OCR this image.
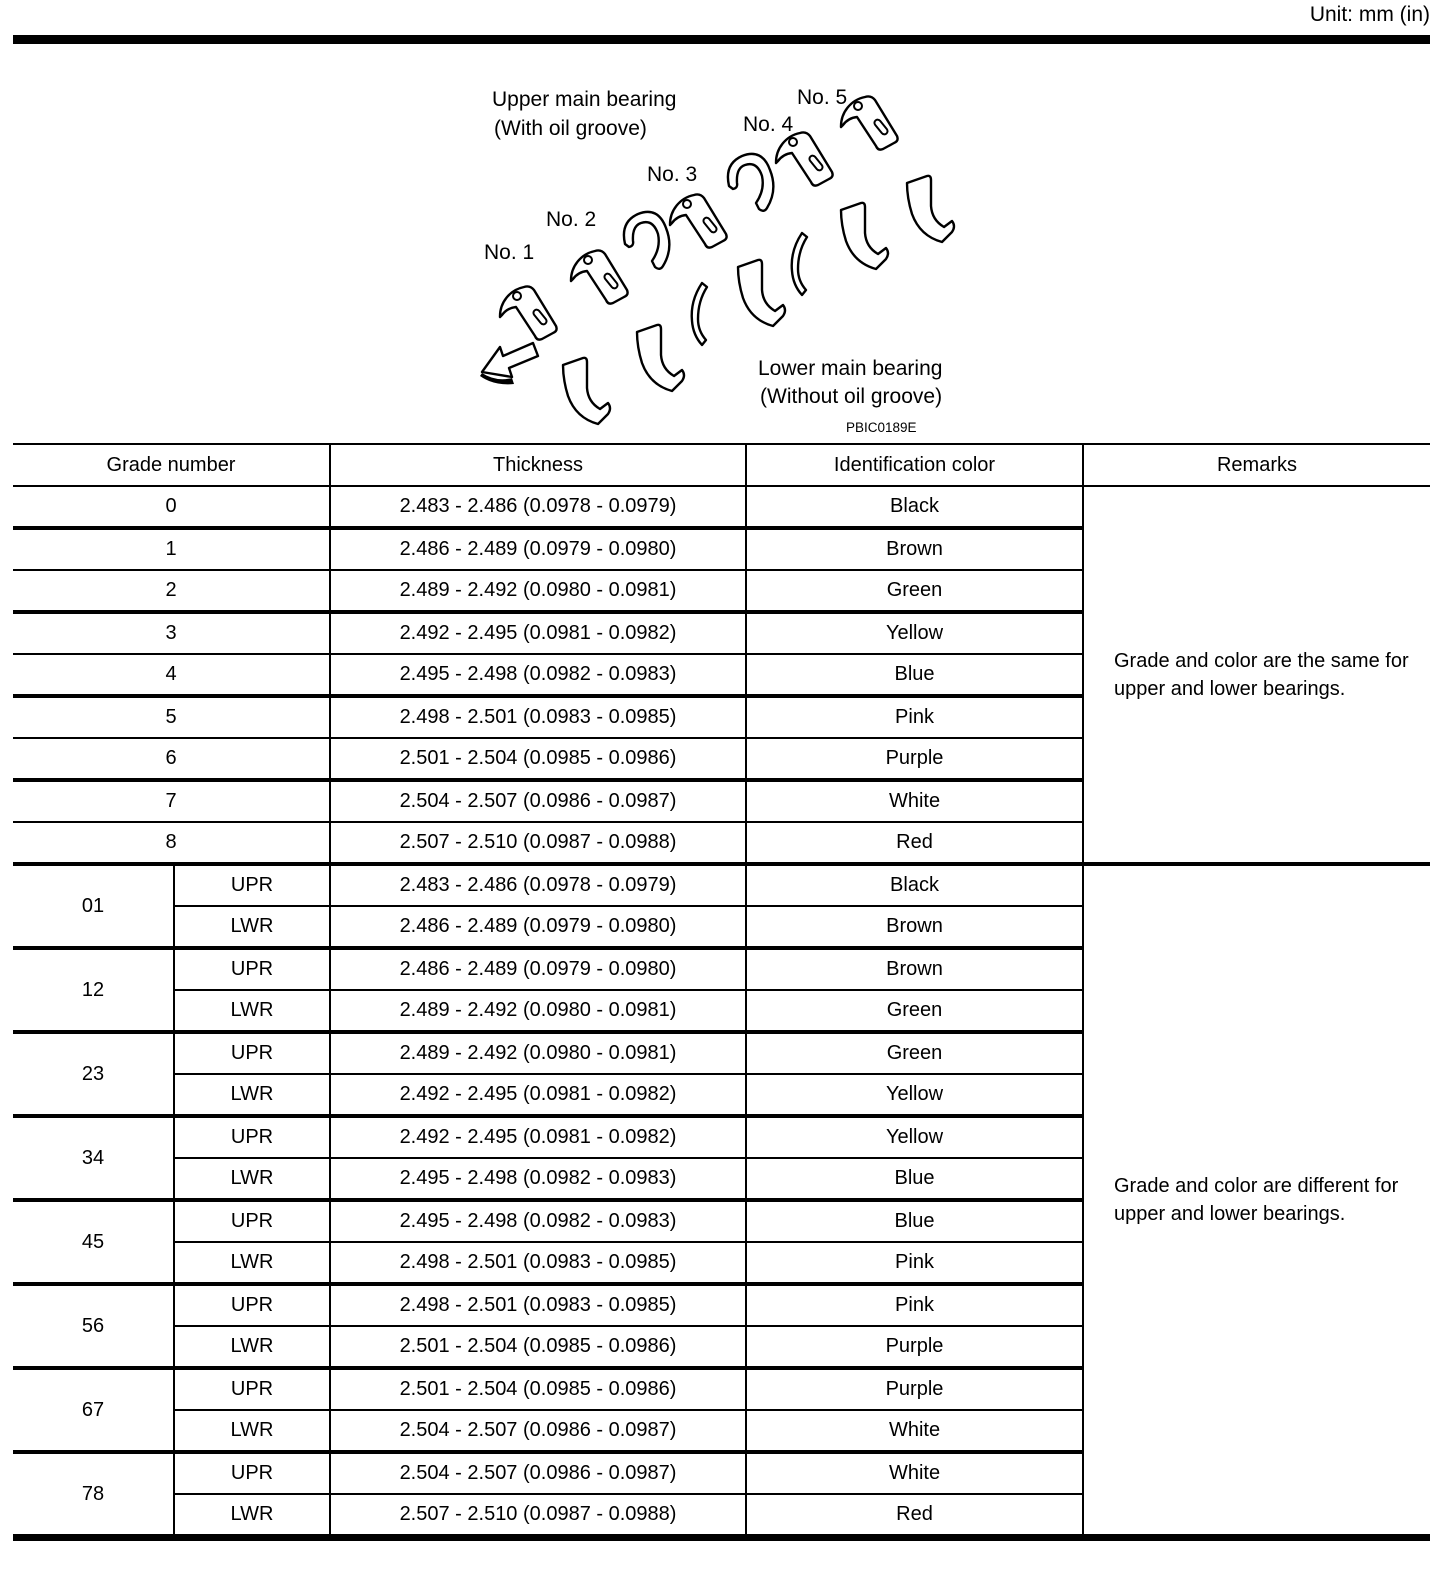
Unit: mm (in)
Upper main bearing
(With oil groove)
No. 1
No. 2
No. 3
No. 4
No. 5
Lower main bearing
(Without oil groove)
PBIC0189E
Grade number		Thickness	Identification color	Remarks
0		2.483 - 2.486 (0.0978 - 0.0979)	Black	Grade and color are the same for upper and lower bearings.
1		2.486 - 2.489 (0.0979 - 0.0980)	Brown	
2		2.489 - 2.492 (0.0980 - 0.0981)	Green	
3		2.492 - 2.495 (0.0981 - 0.0982)	Yellow	
4		2.495 - 2.498 (0.0982 - 0.0983)	Blue	
5		2.498 - 2.501 (0.0983 - 0.0985)	Pink	
6		2.501 - 2.504 (0.0985 - 0.0986)	Purple	
7		2.504 - 2.507 (0.0986 - 0.0987)	White	
8		2.507 - 2.510 (0.0987 - 0.0988)	Red	
01	UPR	2.483 - 2.486 (0.0978 - 0.0979)	Black	Grade and color are different for upper and lower bearings.
	LWR	2.486 - 2.489 (0.0979 - 0.0980)	Brown	
12	UPR	2.486 - 2.489 (0.0979 - 0.0980)	Brown	
	LWR	2.489 - 2.492 (0.0980 - 0.0981)	Green	
23	UPR	2.489 - 2.492 (0.0980 - 0.0981)	Green	
	LWR	2.492 - 2.495 (0.0981 - 0.0982)	Yellow	
34	UPR	2.492 - 2.495 (0.0981 - 0.0982)	Yellow	
	LWR	2.495 - 2.498 (0.0982 - 0.0983)	Blue	
45	UPR	2.495 - 2.498 (0.0982 - 0.0983)	Blue	
	LWR	2.498 - 2.501 (0.0983 - 0.0985)	Pink	
56	UPR	2.498 - 2.501 (0.0983 - 0.0985)	Pink	
	LWR	2.501 - 2.504 (0.0985 - 0.0986)	Purple	
67	UPR	2.501 - 2.504 (0.0985 - 0.0986)	Purple	
	LWR	2.504 - 2.507 (0.0986 - 0.0987)	White	
78	UPR	2.504 - 2.507 (0.0986 - 0.0987)	White	
	LWR	2.507 - 2.510 (0.0987 - 0.0988)	Red	
